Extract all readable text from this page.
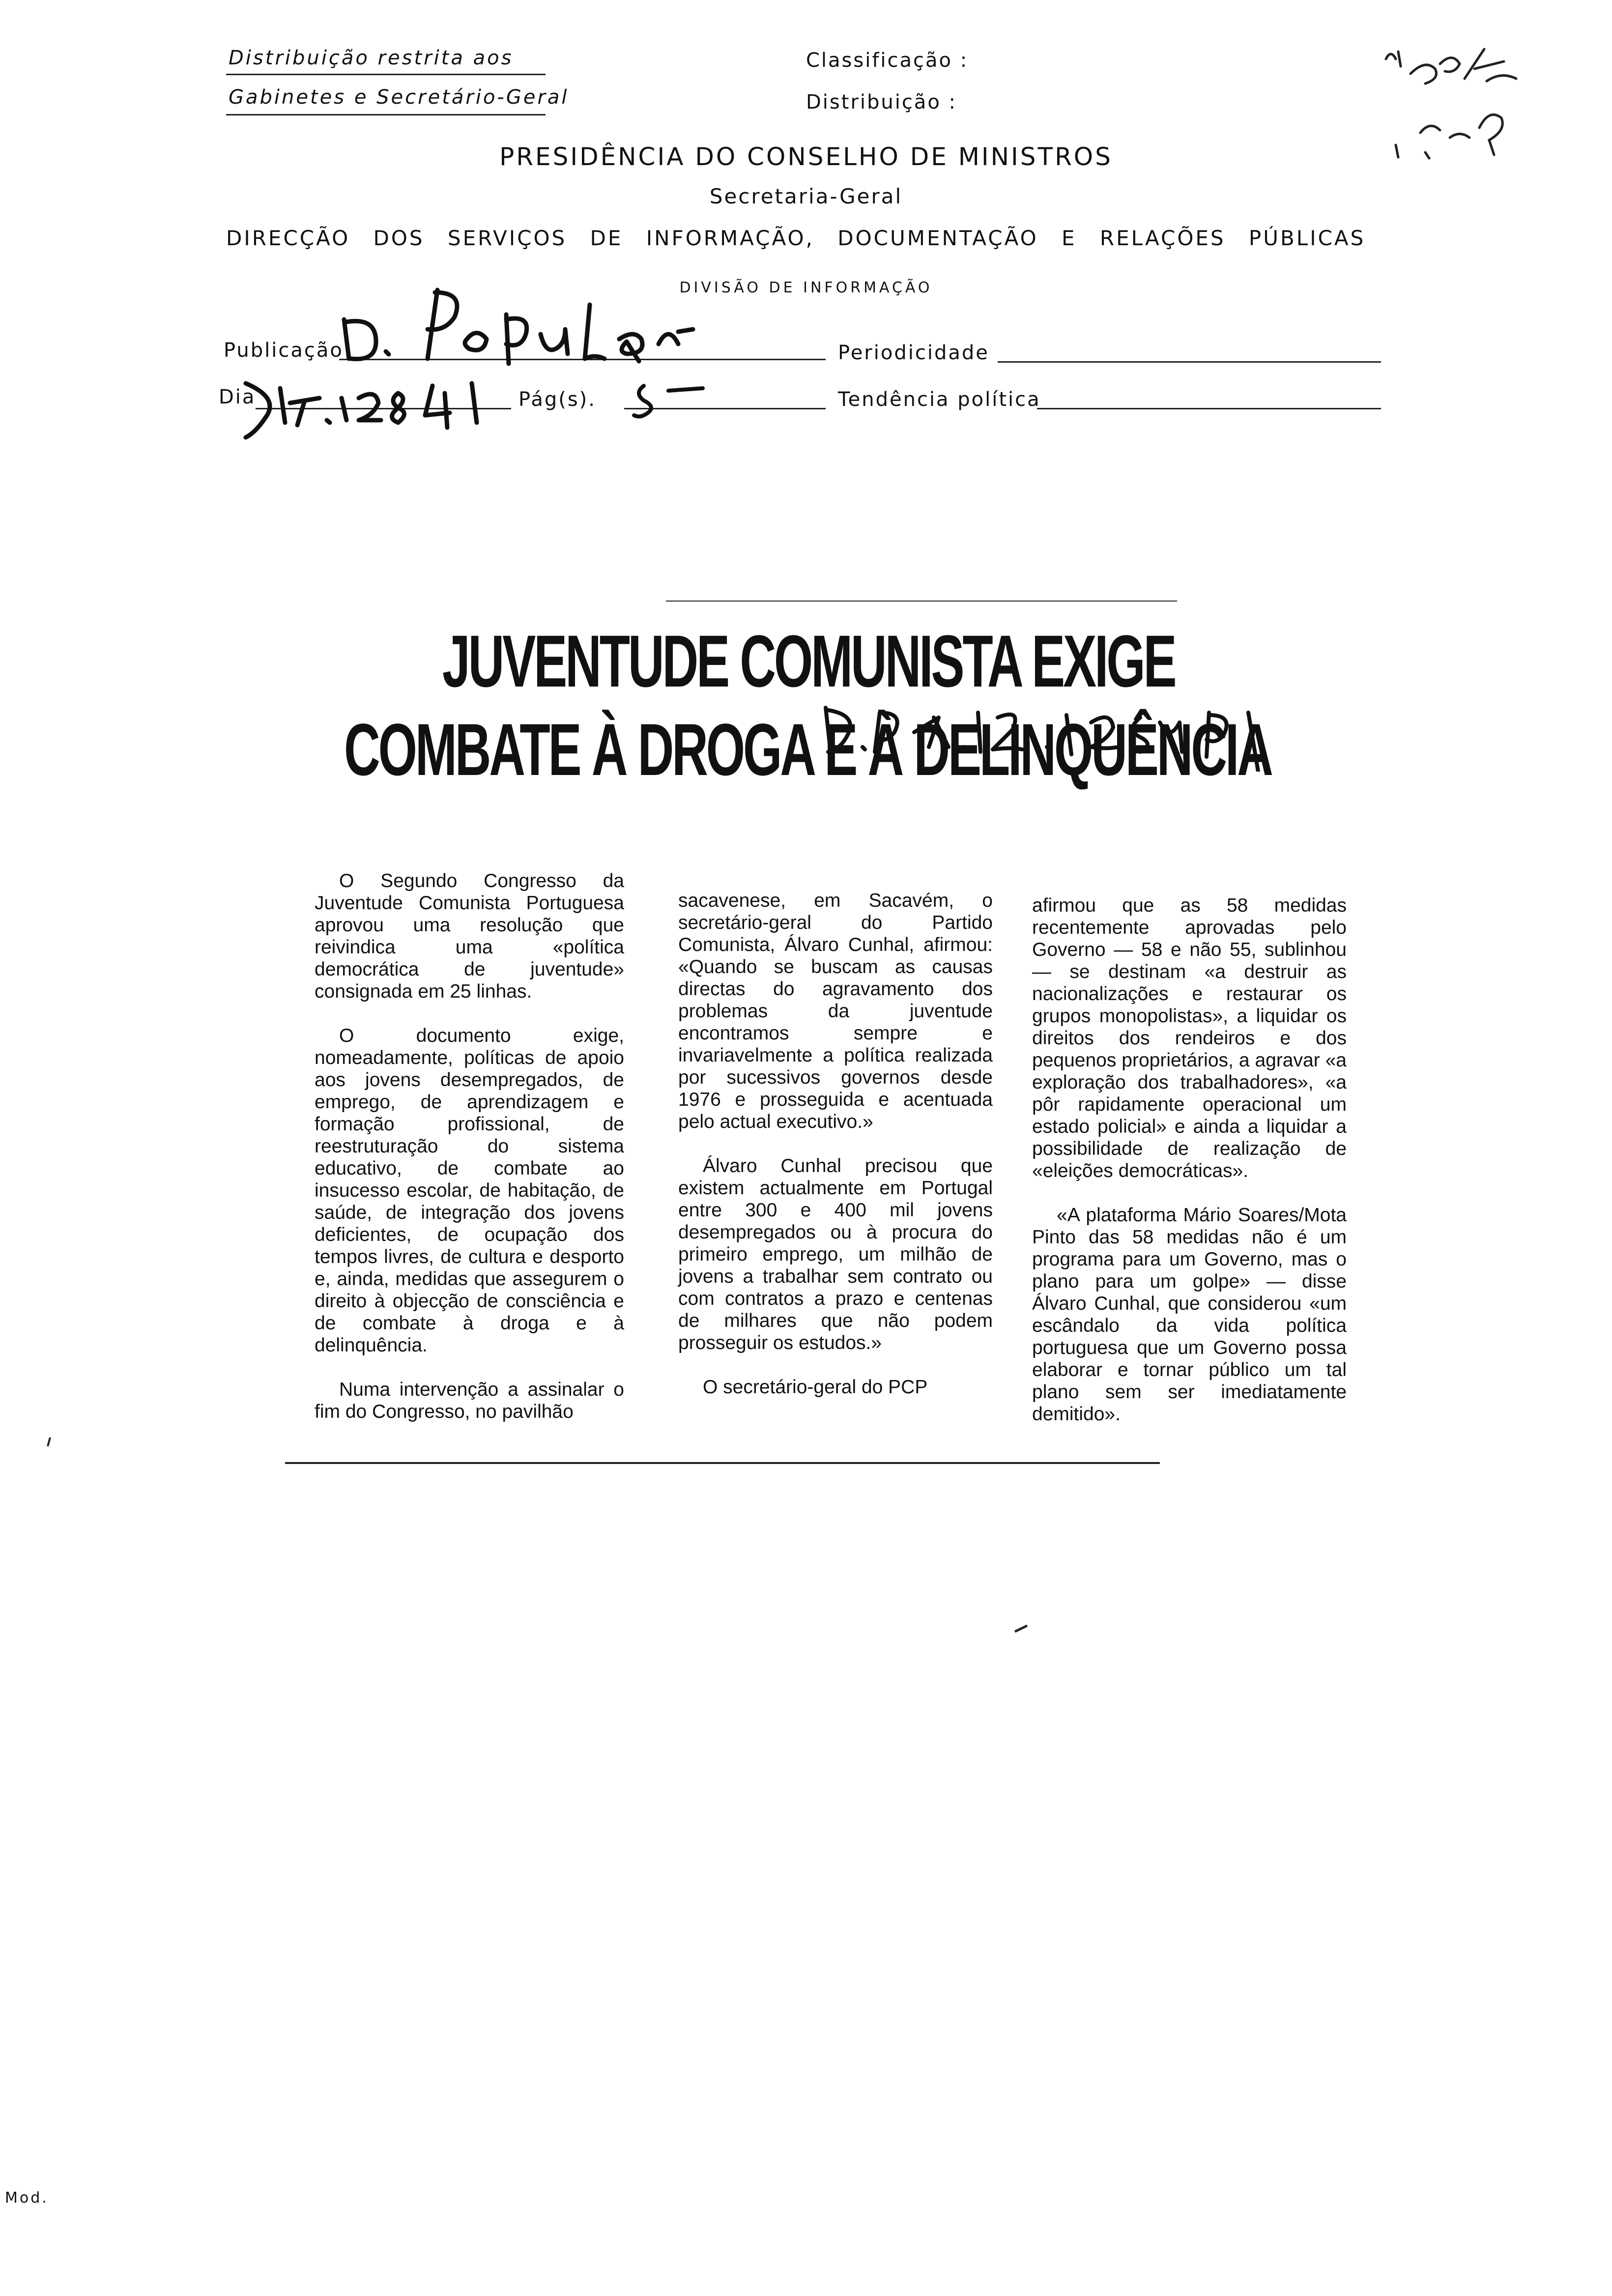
Distribuição restrita aos
Gabinetes e Secretário-Geral
Classificação :
Distribuição :
PRESIDÊNCIA DO CONSELHO DE MINISTROS
Secretaria-Geral
DIRECÇÃO DOS SERVIÇOS DE INFORMAÇÃO, DOCUMENTAÇÃO E RELAÇÕES PÚBLICAS
DIVISÃO DE INFORMAÇÃO
Publicação	Periodicidade
Dia	Pág(s).	Tendência política
JUVENTUDE COMUNISTA EXIGE
COMBATE À DROGA E À DELINQUÊNCIA

O Segundo Congresso da Juventude Comunista Portuguesa aprovou uma resolução que reivindica uma «política democrática de juventude» consignada em 25 linhas.

O documento exige, nomeadamente, políticas de apoio aos jovens desempregados, de emprego, de aprendizagem e formação profissional, de reestruturação do sistema educativo, de combate ao insucesso escolar, de habitação, de saúde, de integração dos jovens deficientes, de ocupação dos tempos livres, de cultura e desporto e, ainda, medidas que assegurem o direito à objecção de consciência e de combate à droga e à delinquência.

Numa intervenção a assinalar o fim do Congresso, no pavilhão

sacavenese, em Sacavém, o secretário-geral do Partido Comunista, Álvaro Cunhal, afirmou: «Quando se buscam as causas directas do agravamento dos problemas da juventude encontramos sempre e invariavelmente a política realizada por sucessivos governos desde 1976 e prosseguida e acentuada pelo actual executivo.»

Álvaro Cunhal precisou que existem actualmente em Portugal entre 300 e 400 mil jovens desempregados ou à procura do primeiro emprego, um milhão de jovens a trabalhar sem contrato ou com contratos a prazo e centenas de milhares que não podem prosseguir os estudos.»

O secretário-geral do PCP

afirmou que as 58 medidas recentemente aprovadas pelo Governo — 58 e não 55, sublinhou — se destinam «a destruir as nacionalizações e restaurar os grupos monopolistas», a liquidar os direitos dos rendeiros e dos pequenos proprietários, a agravar «a exploração dos trabalhadores», «a pôr rapidamente operacional um estado policial» e ainda a liquidar a possibilidade de realização de «eleições democráticas».

«A plataforma Mário Soares/Mota Pinto das 58 medidas não é um programa para um Governo, mas o plano para um golpe» — disse Álvaro Cunhal, que considerou «um escândalo da vida política portuguesa que um Governo possa elaborar e tornar público um tal plano sem ser imediatamente demitido».

Mod.
